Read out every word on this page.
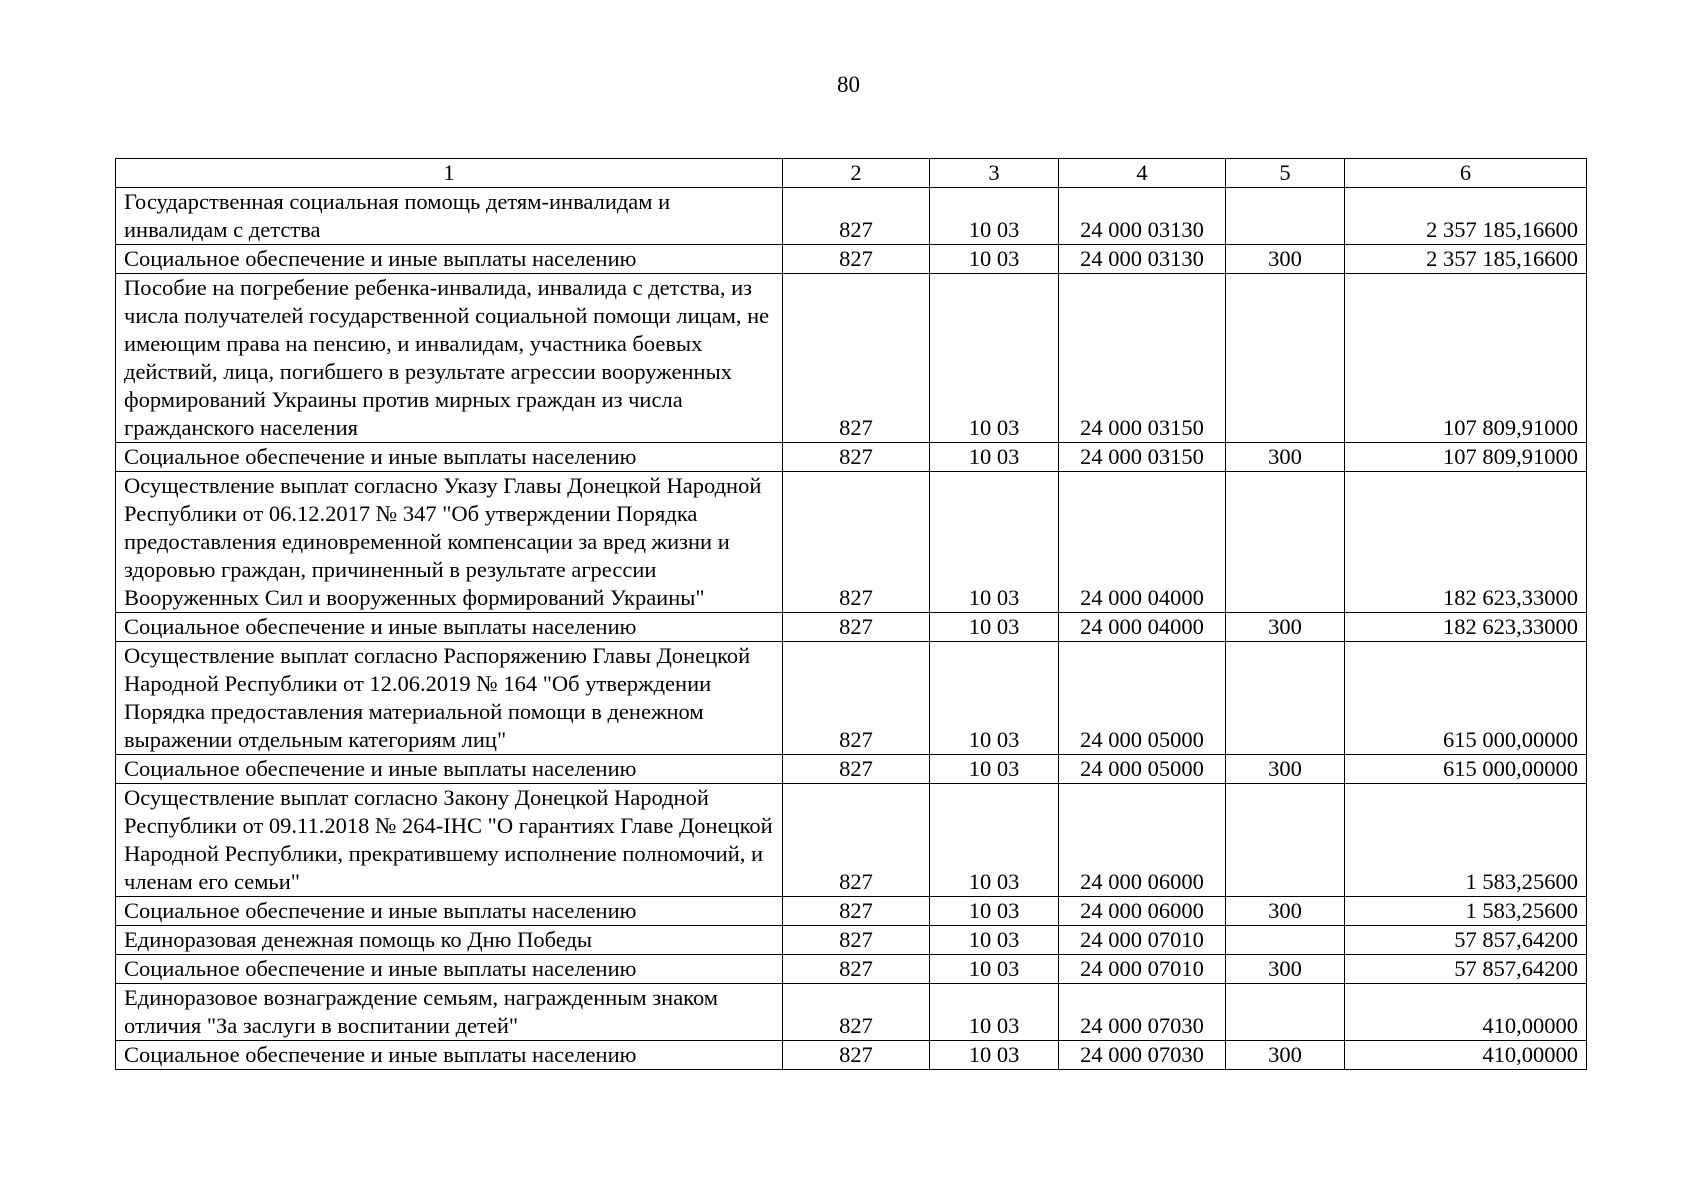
80
1	2	3	4	5	6
Государственная социальная помощь детям-инвалидам и инвалидам с детства	827	10 03	24 000 03130		2 357 185,16600
Социальное обеспечение и иные выплаты населению	827	10 03	24 000 03130	300	2 357 185,16600
Пособие на погребение ребенка-инвалида, инвалида с детства, из числа получателей государственной социальной помощи лицам, не имеющим права на пенсию, и инвалидам, участника боевых действий, лица, погибшего в результате агрессии вооруженных формирований Украины против мирных граждан из числа гражданского населения	827	10 03	24 000 03150		107 809,91000
Социальное обеспечение и иные выплаты населению	827	10 03	24 000 03150	300	107 809,91000
Осуществление выплат согласно Указу Главы Донецкой Народной Республики от 06.12.2017 № 347 "Об утверждении Порядка предоставления единовременной компенсации за вред жизни и здоровью граждан, причиненный в результате агрессии Вооруженных Сил и вооруженных формирований Украины"	827	10 03	24 000 04000		182 623,33000
Социальное обеспечение и иные выплаты населению	827	10 03	24 000 04000	300	182 623,33000
Осуществление выплат согласно Распоряжению Главы Донецкой Народной Республики от 12.06.2019 № 164 "Об утверждении Порядка предоставления материальной помощи в денежном выражении отдельным категориям лиц"	827	10 03	24 000 05000		615 000,00000
Социальное обеспечение и иные выплаты населению	827	10 03	24 000 05000	300	615 000,00000
Осуществление выплат согласно Закону Донецкой Народной Республики от 09.11.2018 № 264-IНС "О гарантиях Главе Донецкой Народной Республики, прекратившему исполнение полномочий, и членам его семьи"	827	10 03	24 000 06000		1 583,25600
Социальное обеспечение и иные выплаты населению	827	10 03	24 000 06000	300	1 583,25600
Единоразовая денежная помощь ко Дню Победы	827	10 03	24 000 07010		57 857,64200
Социальное обеспечение и иные выплаты населению	827	10 03	24 000 07010	300	57 857,64200
Единоразовое вознаграждение семьям, награжденным знаком отличия "За заслуги в воспитании детей"	827	10 03	24 000 07030		410,00000
Социальное обеспечение и иные выплаты населению	827	10 03	24 000 07030	300	410,00000
